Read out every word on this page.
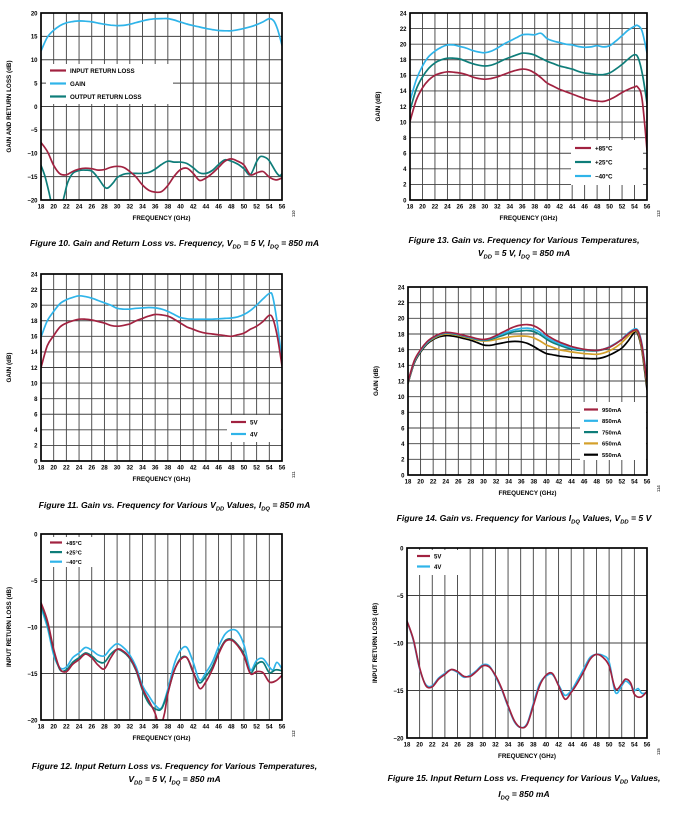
INPUT RETURN LOSS
GAIN
OUTPUT RETURN LOSS
18 20 22 24 26 28 30 32 34 36 38 40 42 44 46 48 50 52 54 56
−20
−15
−10
−5
0
5
10
15
20
FREQUENCY (GHz)
GAIN AND RETURN LOSS (dB)
110
Figure 10. Gain and Return Loss vs. Frequency, $V_{DD} = 5$ V, $I_{DQ} = 850$ mA
+85°C
+25°C
−40°C
18 20 22 24 26 28 30 32 34 36 38 40 42 44 46 48 50 52 54 56
0
2
4
6
8
10
12
14
16
18
20
22
24
FREQUENCY (GHz)
GAIN (dB)
113
Figure 13. Gain vs. Frequency for Various Temperatures,
$V_{DD} = 5$ V, $I_{DQ} = 850$ mA
5V
4V
18 20 22 24 26 28 30 32 34 36 38 40 42 44 46 48 50 52 54 56
0
2
4
6
8
10
12
14
16
18
20
22
24
FREQUENCY (GHz)
GAIN (dB)
111
Figure 11. Gain vs. Frequency for Various $V_{DD}$ Values, $I_{DQ} = 850$ mA
950mA
850mA
750mA
650mA
550mA
18 20 22 24 26 28 30 32 34 36 38 40 42 44 46 48 50 52 54 56
0
2
4
6
8
10
12
14
16
18
20
22
24
FREQUENCY (GHz)
GAIN (dB)
114
Figure 14. Gain vs. Frequency for Various $I_{DQ}$ Values, $V_{DD} = 5$ V
+85°C
+25°C
−40°C
18 20 22 24 26 28 30 32 34 36 38 40 42 44 46 48 50 52 54 56
−20
−15
−10
−5
0
FREQUENCY (GHz)
INPUT RETURN LOSS (dB)
112
Figure 12. Input Return Loss vs. Frequency for Various Temperatures,
$V_{DD} = 5$ V, $I_{DQ} = 850$ mA
5V
4V
18 20 22 24 26 28 30 32 34 36 38 40 42 44 46 48 50 52 54 56
−20
−15
−10
−5
0
FREQUENCY (GHz)
INPUT RETURN LOSS (dB)
115
Figure 15. Input Return Loss vs. Frequency for Various $V_{DD}$ Values,
$I_{DQ} = 850$ mA
